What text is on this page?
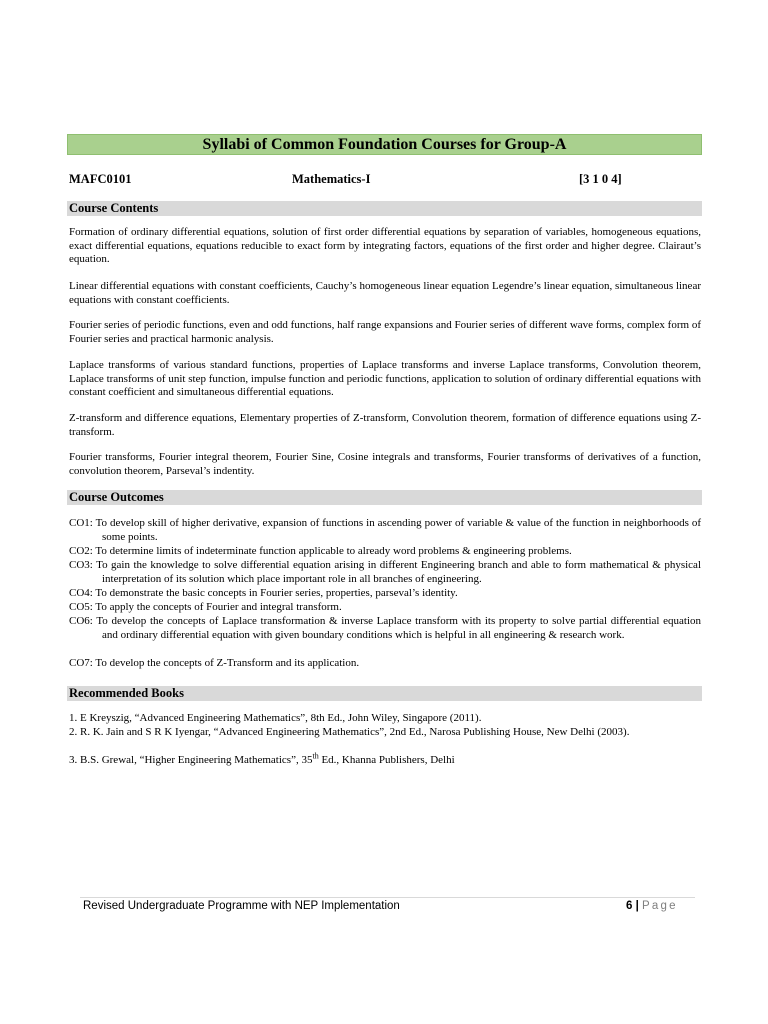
Syllabi of Common Foundation Courses for Group-A
MAFC0101	Mathematics-I	[3 1 0 4]
Course Contents

Formation of ordinary differential equations, solution of first order differential equations by separation of variables, homogeneous equations, exact differential equations, equations reducible to exact form by integrating factors, equations of the first order and higher degree. Clairaut’s equation.

Linear differential equations with constant coefficients, Cauchy’s homogeneous linear equation Legendre’s linear equation, simultaneous linear equations with constant coefficients.

Fourier series of periodic functions, even and odd functions, half range expansions and Fourier series of different wave forms, complex form of Fourier series and practical harmonic analysis.

Laplace transforms of various standard functions, properties of Laplace transforms and inverse Laplace transforms, Convolution theorem, Laplace transforms of unit step function, impulse function and periodic functions, application to solution of ordinary differential equations with constant coefficient and simultaneous differential equations.

Z-transform and difference equations, Elementary properties of Z-transform, Convolution theorem, formation of difference equations using Z-transform.

Fourier transforms, Fourier integral theorem, Fourier Sine, Cosine integrals and transforms, Fourier transforms of derivatives of a function, convolution theorem, Parseval’s indentity.

Course Outcomes

CO1: To develop skill of higher derivative, expansion of functions in ascending power of variable & value of the function in neighborhoods of some points.

CO2: To determine limits of indeterminate function applicable to already word problems & engineering problems.

CO3: To gain the knowledge to solve differential equation arising in different Engineering branch and able to form mathematical & physical interpretation of its solution which place important role in all branches of engineering.

CO4: To demonstrate the basic concepts in Fourier series, properties, parseval’s identity.

CO5: To apply the concepts of Fourier and integral transform.

CO6: To develop the concepts of Laplace transformation & inverse Laplace transform with its property to solve partial differential equation and ordinary differential equation with given boundary conditions which is helpful in all engineering & research work.

CO7: To develop the concepts of Z-Transform and its application.

Recommended Books

1. E Kreyszig, “Advanced Engineering Mathematics”, 8th Ed., John Wiley, Singapore (2011).

2. R. K. Jain and S R K Iyengar, “Advanced Engineering Mathematics”, 2nd Ed., Narosa Publishing House, New Delhi (2003).

3. B.S. Grewal, “Higher Engineering Mathematics”, 35th Ed., Khanna Publishers, Delhi

Revised Undergraduate Programme with NEP Implementation	6 | Page
